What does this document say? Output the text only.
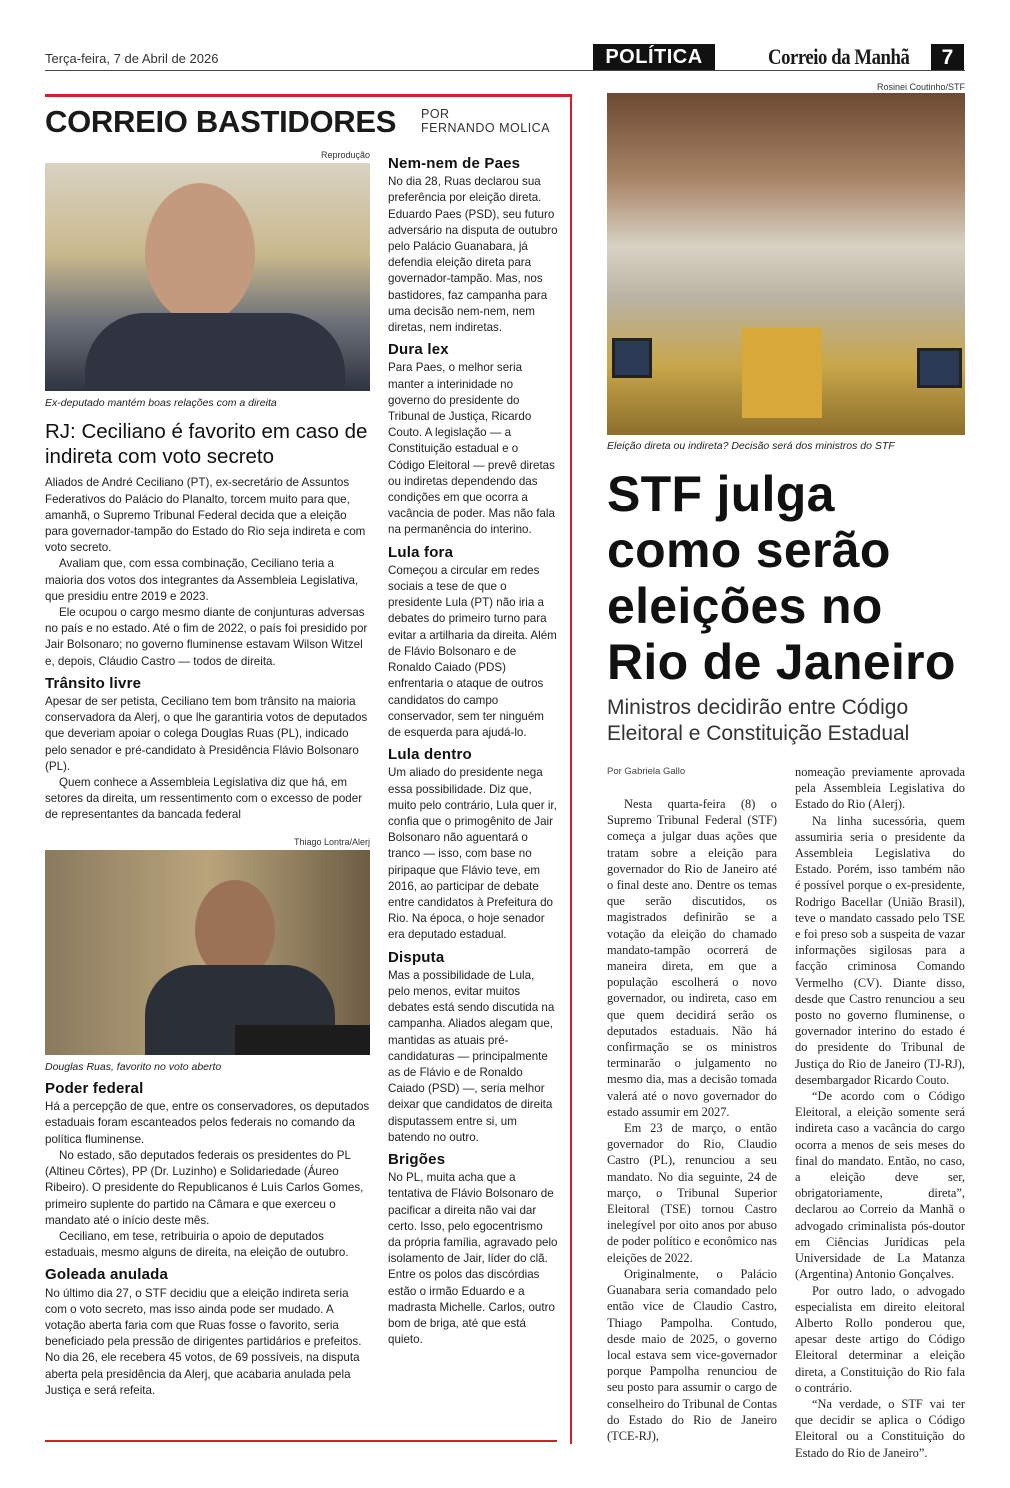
Terça-feira, 7 de Abril de 2026	POLÍTICA	Correio da Manhã	7
CORREIO BASTIDORES POR
FERNANDO MOLICA
Reprodução
Ex-deputado mantém boas relações com a direita
RJ: Ceciliano é favorito em caso de indireta com voto secreto

Aliados de André Ceciliano (PT), ex-secretário de Assuntos Federativos do Palácio do Planalto, torcem muito para que, amanhã, o Supremo Tribunal Federal decida que a eleição para governador-tampão do Estado do Rio seja indireta e com voto secreto.

Avaliam que, com essa combinação, Ceciliano teria a maioria dos votos dos integrantes da Assembleia Legislativa, que presidiu entre 2019 e 2023.

Ele ocupou o cargo mesmo diante de conjunturas adversas no país e no estado. Até o fim de 2022, o país foi presidido por Jair Bolsonaro; no governo fluminense estavam Wilson Witzel e, depois, Cláudio Castro — todos de direita.

Trânsito livre

Apesar de ser petista, Ceciliano tem bom trânsito na maioria conservadora da Alerj, o que lhe garantiria votos de deputados que deveriam apoiar o colega Douglas Ruas (PL), indicado pelo senador e pré-candidato à Presidência Flávio Bolsonaro (PL).

Quem conhece a Assembleia Legislativa diz que há, em setores da direita, um ressentimento com o excesso de poder de representantes da bancada federal

Thiago Lontra/Alerj
Douglas Ruas, favorito no voto aberto
Poder federal

Há a percepção de que, entre os conservadores, os deputados estaduais foram escanteados pelos federais no comando da política fluminense.

No estado, são deputados federais os presidentes do PL (Altineu Côrtes), PP (Dr. Luzinho) e Solidariedade (Áureo Ribeiro). O presidente do Republicanos é Luís Carlos Gomes, primeiro suplente do partido na Câmara e que exerceu o mandato até o início deste mês.

Ceciliano, em tese, retribuiria o apoio de deputados estaduais, mesmo alguns de direita, na eleição de outubro.

Goleada anulada

No último dia 27, o STF decidiu que a eleição indireta seria com o voto secreto, mas isso ainda pode ser mudado. A votação aberta faria com que Ruas fosse o favorito, seria beneficiado pela pressão de dirigentes partidários e prefeitos. No dia 26, ele recebera 45 votos, de 69 possíveis, na disputa aberta pela presidência da Alerj, que acabaria anulada pela Justiça e será refeita.

Nem-nem de Paes

No dia 28, Ruas declarou sua preferência por eleição direta. Eduardo Paes (PSD), seu futuro adversário na disputa de outubro pelo Palácio Guanabara, já defendia eleição direta para governador-tampão. Mas, nos bastidores, faz campanha para uma decisão nem-nem, nem diretas, nem indiretas.

Dura lex

Para Paes, o melhor seria manter a interinidade no governo do presidente do Tribunal de Justiça, Ricardo Couto. A legislação — a Constituição estadual e o Código Eleitoral — prevê diretas ou indiretas dependendo das condições em que ocorra a vacância de poder. Mas não fala na permanência do interino.

Lula fora

Começou a circular em redes sociais a tese de que o presidente Lula (PT) não iria a debates do primeiro turno para evitar a artilharia da direita. Além de Flávio Bolsonaro e de Ronaldo Caiado (PDS) enfrentaria o ataque de outros candidatos do campo conservador, sem ter ninguém de esquerda para ajudá-lo.

Lula dentro

Um aliado do presidente nega essa possibilidade. Diz que, muito pelo contrário, Lula quer ir, confia que o primogênito de Jair Bolsonaro não aguentará o tranco — isso, com base no piripaque que Flávio teve, em 2016, ao participar de debate entre candidatos à Prefeitura do Rio. Na época, o hoje senador era deputado estadual.

Disputa

Mas a possibilidade de Lula, pelo menos, evitar muitos debates está sendo discutida na campanha. Aliados alegam que, mantidas as atuais pré-candidaturas — principalmente as de Flávio e de Ronaldo Caiado (PSD) —, seria melhor deixar que candidatos de direita disputassem entre si, um batendo no outro.

Brigões

No PL, muita acha que a tentativa de Flávio Bolsonaro de pacificar a direita não vai dar certo. Isso, pelo egocentrismo da própria família, agravado pelo isolamento de Jair, líder do clã. Entre os polos das discórdias estão o irmão Eduardo e a madrasta Michelle. Carlos, outro bom de briga, até que está quieto.

Rosinei Coutinho/STF
Eleição direta ou indireta? Decisão será dos ministros do STF
STF julga como serão eleições no Rio de Janeiro
Ministros decidirão entre Código Eleitoral e Constituição Estadual
Por Gabriela Gallo

Nesta quarta-feira (8) o Supremo Tribunal Federal (STF) começa a julgar duas ações que tratam sobre a eleição para governador do Rio de Janeiro até o final deste ano. Dentre os temas que serão discutidos, os magistrados definirão se a votação da eleição do chamado mandato-tampão ocorrerá de maneira direta, em que a população escolherá o novo governador, ou indireta, caso em que quem decidirá serão os deputados estaduais. Não há confirmação se os ministros terminarão o julgamento no mesmo dia, mas a decisão tomada valerá até o novo governador do estado assumir em 2027.

Em 23 de março, o então governador do Rio, Claudio Castro (PL), renunciou a seu mandato. No dia seguinte, 24 de março, o Tribunal Superior Eleitoral (TSE) tornou Castro inelegível por oito anos por abuso de poder político e econômico nas eleições de 2022.

Originalmente, o Palácio Guanabara seria comandado pelo então vice de Claudio Castro, Thiago Pampolha. Contudo, desde maio de 2025, o governo local estava sem vice-governador porque Pampolha renunciou de seu posto para assumir o cargo de conselheiro do Tribunal de Contas do Estado do Rio de Janeiro (TCE-RJ),

nomeação previamente aprovada pela Assembleia Legislativa do Estado do Rio (Alerj).

Na linha sucessória, quem assumiria seria o presidente da Assembleia Legislativa do Estado. Porém, isso também não é possível porque o ex-presidente, Rodrigo Bacellar (União Brasil), teve o mandato cassado pelo TSE e foi preso sob a suspeita de vazar informações sigilosas para a facção criminosa Comando Vermelho (CV). Diante disso, desde que Castro renunciou a seu posto no governo fluminense, o governador interino do estado é do presidente do Tribunal de Justiça do Rio de Janeiro (TJ-RJ), desembargador Ricardo Couto.

“De acordo com o Código Eleitoral, a eleição somente será indireta caso a vacância do cargo ocorra a menos de seis meses do final do mandato. Então, no caso, a eleição deve ser, obrigatoriamente, direta”, declarou ao Correio da Manhã o advogado criminalista pós-doutor em Ciências Jurídicas pela Universidade de La Matanza (Argentina) Antonio Gonçalves.

Por outro lado, o advogado especialista em direito eleitoral Alberto Rollo ponderou que, apesar deste artigo do Código Eleitoral determinar a eleição direta, a Constituição do Rio fala o contrário.

“Na verdade, o STF vai ter que decidir se aplica o Código Eleitoral ou a Constituição do Estado do Rio de Janeiro”.
